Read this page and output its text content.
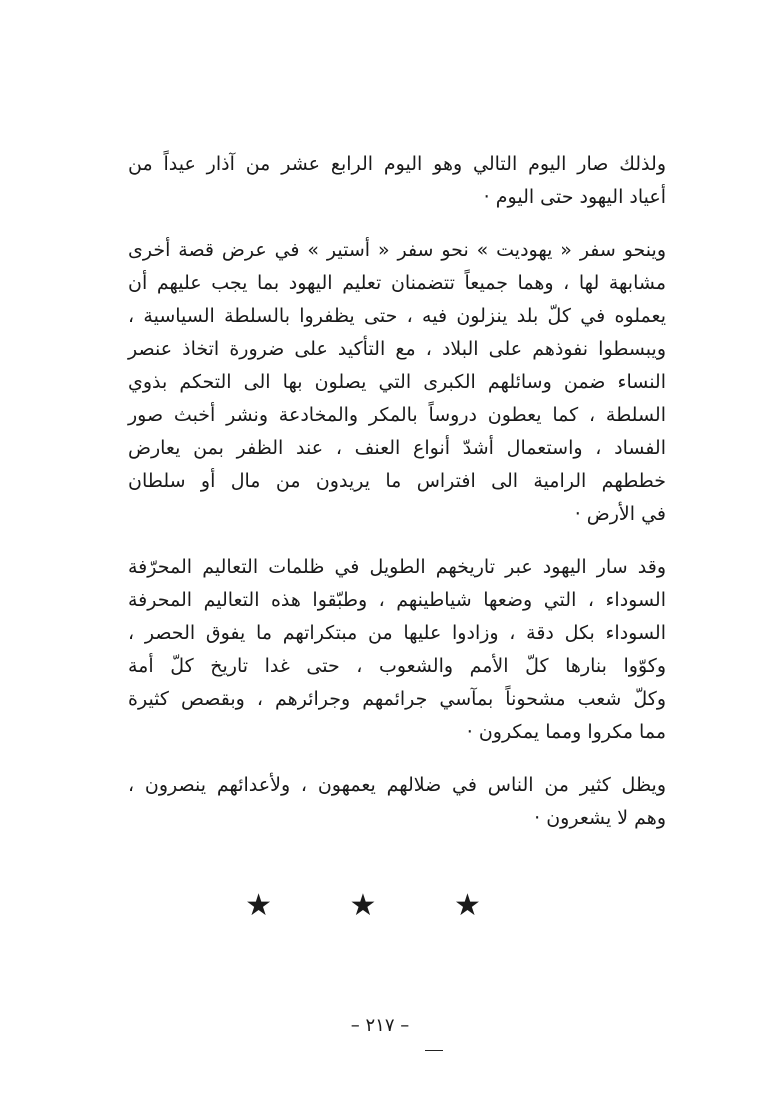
ولذلك صار اليوم التالي وهو اليوم الرابع عشر من آذار عيداً من
أعياد اليهود حتى اليوم ·

وينحو سفر « يهوديت » نحو سفر « أستير » في عرض قصة أخرى
مشابهة لها ، وهما جميعاً تتضمنان تعليم اليهود بما يجب عليهم أن
يعملوه في كلّ بلد ينزلون فيه ، حتى يظفروا بالسلطة السياسية ،
ويبسطوا نفوذهم على البلاد ، مع التأكيد على ضرورة اتخاذ عنصر
النساء ضمن وسائلهم الكبرى التي يصلون بها الى التحكم بذوي
السلطة ، كما يعطون دروساً بالمكر والمخادعة ونشر أخبث صور
الفساد ، واستعمال أشدّ أنواع العنف ، عند الظفر بمن يعارض
خططهم الرامية الى افتراس ما يريدون من مال أو سلطان
في الأرض ·

وقد سار اليهود عبر تاريخهم الطويل في ظلمات التعاليم المحرّفة
السوداء ، التي وضعها شياطينهم ، وطبّقوا هذه التعاليم المحرفة
السوداء بكل دقة ، وزادوا عليها من مبتكراتهم ما يفوق الحصر ،
وكوّوا بنارها كلّ الأمم والشعوب ، حتى غدا تاريخ كلّ أمة
وكلّ شعب مشحوناً بمآسي جرائمهم وجرائرهم ، وبقصص كثيرة
مما مكروا ومما يمكرون ·

ويظل كثير من الناس في ضلالهم يعمهون ، ولأعدائهم ينصرون ،
وهم لا يشعرون ·

★ ★ ★
– ٢١٧ –
